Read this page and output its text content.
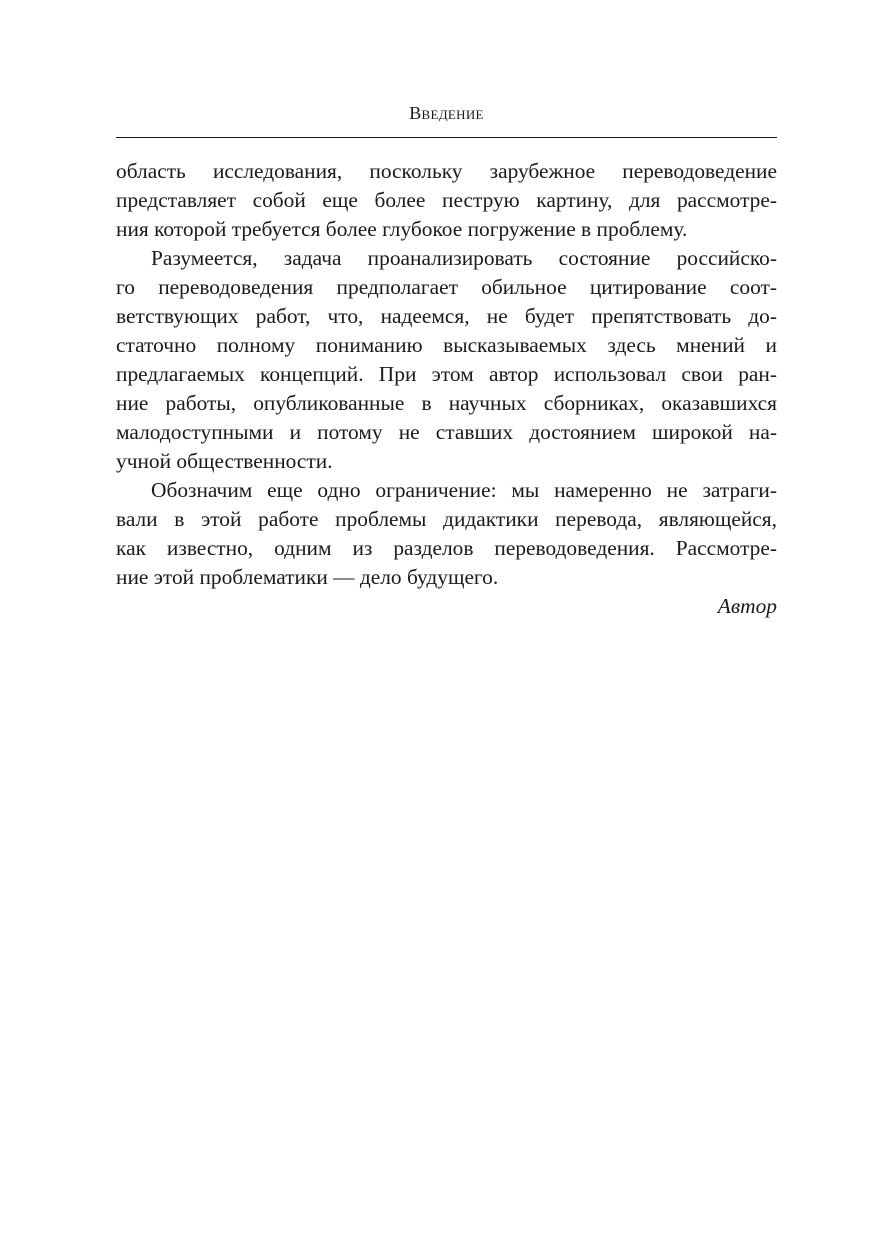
Введение
область исследования, поскольку зарубежное переводоведение
представляет собой еще более пеструю картину, для рассмотре-
ния которой требуется более глубокое погружение в проблему.
Разумеется, задача проанализировать состояние российско-
го переводоведения предполагает обильное цитирование соот-
ветствующих работ, что, надеемся, не будет препятствовать до-
статочно полному пониманию высказываемых здесь мнений и
предлагаемых концепций. При этом автор использовал свои ран-
ние работы, опубликованные в научных сборниках, оказавшихся
малодоступными и потому не ставших достоянием широкой на-
учной общественности.
Обозначим еще одно ограничение: мы намеренно не затраги-
вали в этой работе проблемы дидактики перевода, являющейся,
как известно, одним из разделов переводоведения. Рассмотре-
ние этой проблематики — дело будущего.
Автор
